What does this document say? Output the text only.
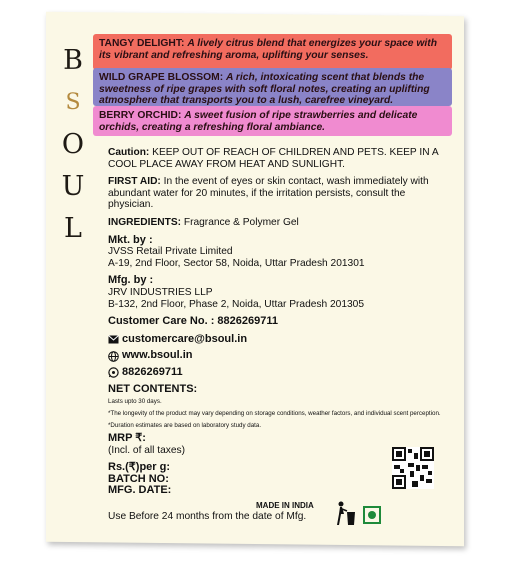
B
S
O
U
L
TANGY DELIGHT: A lively citrus blend that energizes your space with its vibrant and refreshing aroma, uplifting your senses.
WILD GRAPE BLOSSOM: A rich, intoxicating scent that blends the sweetness of ripe grapes with soft floral notes, creating an uplifting atmosphere that transports you to a lush, carefree vineyard.
BERRY ORCHID: A sweet fusion of ripe strawberries and delicate orchids, creating a refreshing floral ambiance.

Caution: KEEP OUT OF REACH OF CHILDREN AND PETS. KEEP IN A COOL PLACE AWAY FROM HEAT AND SUNLIGHT.

FIRST AID: In the event of eyes or skin contact, wash immediately with abundant water for 20 minutes, if the irritation persists, consult the physician.

INGREDIENTS: Fragrance & Polymer Gel

Mkt. by :
JVSS Retail Private Limited
A-19, 2nd Floor, Sector 58, Noida, Uttar Pradesh 201301

Mfg. by :
JRV INDUSTRIES LLP
B-132, 2nd Floor, Phase 2, Noida, Uttar Pradesh 201305

Customer Care No. : 8826269711

customercare@bsoul.in
www.bsoul.in
8826269711

NET CONTENTS:

Lasts upto 30 days.

*The longevity of the product may vary depending on storage conditions, weather factors, and individual scent perception.

*Duration estimates are based on laboratory study data.

MRP ₹:
(Incl. of all taxes)
Rs.(₹)per g:
BATCH NO:
MFG. DATE:
Use Before 24 months from the date of Mfg.
MADE IN INDIA
